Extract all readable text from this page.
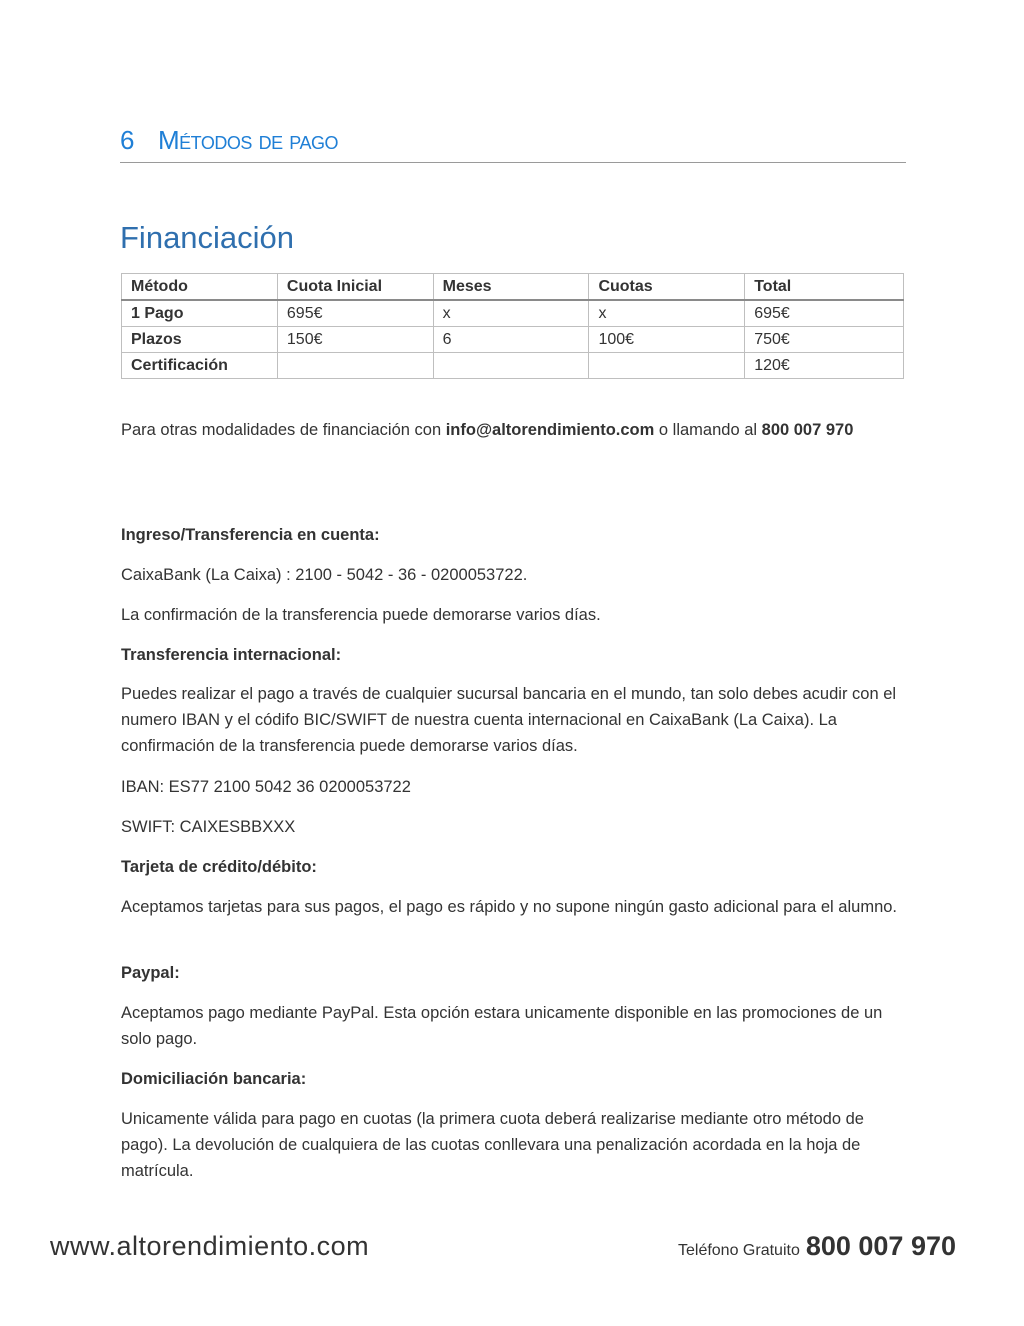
6 Métodos de pago
Financiación
Método	Cuota Inicial	Meses	Cuotas	Total
1 Pago	695€	x	x	695€
Plazos	150€	6	100€	750€
Certificación				120€
Para otras modalidades de financiación con info@altorendimiento.com o llamando al 800 007 970
Ingreso/Transferencia en cuenta:
CaixaBank (La Caixa) : 2100 - 5042 - 36 - 0200053722.
La confirmación de la transferencia puede demorarse varios días.
Transferencia internacional:
Puedes realizar el pago a través de cualquier sucursal bancaria en el mundo, tan solo debes acudir con el numero IBAN y el códifo BIC/SWIFT de nuestra cuenta internacional en CaixaBank (La Caixa). La confirmación de la transferencia puede demorarse varios días.
IBAN: ES77 2100 5042 36 0200053722
SWIFT: CAIXESBBXXX
Tarjeta de crédito/débito:
Aceptamos tarjetas para sus pagos, el pago es rápido y no supone ningún gasto adicional para el alumno.
Paypal:
Aceptamos pago mediante PayPal. Esta opción estara unicamente disponible en las promociones de un solo pago.
Domiciliación bancaria:
Unicamente válida para pago en cuotas (la primera cuota deberá realizarise mediante otro método de pago). La devolución de cualquiera de las cuotas conllevara una penalización acordada en la hoja de matrícula.
www.altorendimiento.com	Teléfono Gratuito 800 007 970
